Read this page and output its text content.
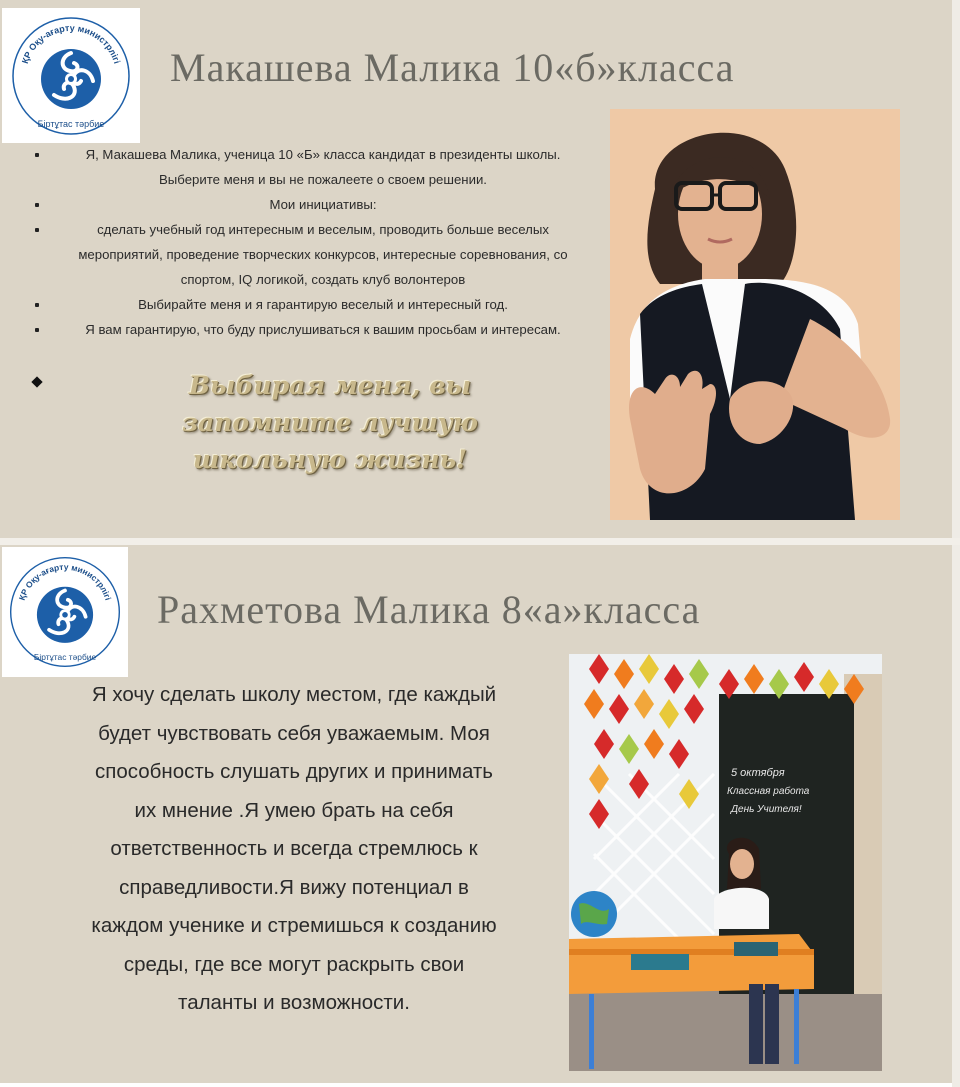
ҚР Оқу-ағарту министрлігі
Біртұтас тәрбие
Макашева Малика 10«б»класса
Я, Макашева Малика, ученица 10 «Б» класса кандидат в президенты школы. Выберите меня и вы не пожалеете о своем решении.
Мои инициативы:
сделать учебный год интересным и веселым, проводить больше веселых мероприятий, проведение творческих конкурсов, интересные соревнования, со спортом, IQ логикой, создать клуб волонтеров
Выбирайте меня и я гарантирую веселый и интересный год.
Я вам гарантирую, что буду прислушиваться к вашим просьбам и интересам.
Выбирая меня, вы запомните лучшую школьную жизнь!
ҚР Оқу-ағарту министрлігі
Біртұтас тәрбие
Рахметова Малика 8«а»класса
Я хочу сделать школу местом, где каждый
будет чувствовать себя уважаемым. Моя
способность слушать других и принимать
их мнение .Я умею брать на себя
ответственность и всегда стремлюсь к
справедливости.Я вижу потенциал в
каждом ученике и стремишься к созданию
среды, где все могут раскрыть свои
таланты и возможности.
5 октября
Классная работа
День Учителя!
